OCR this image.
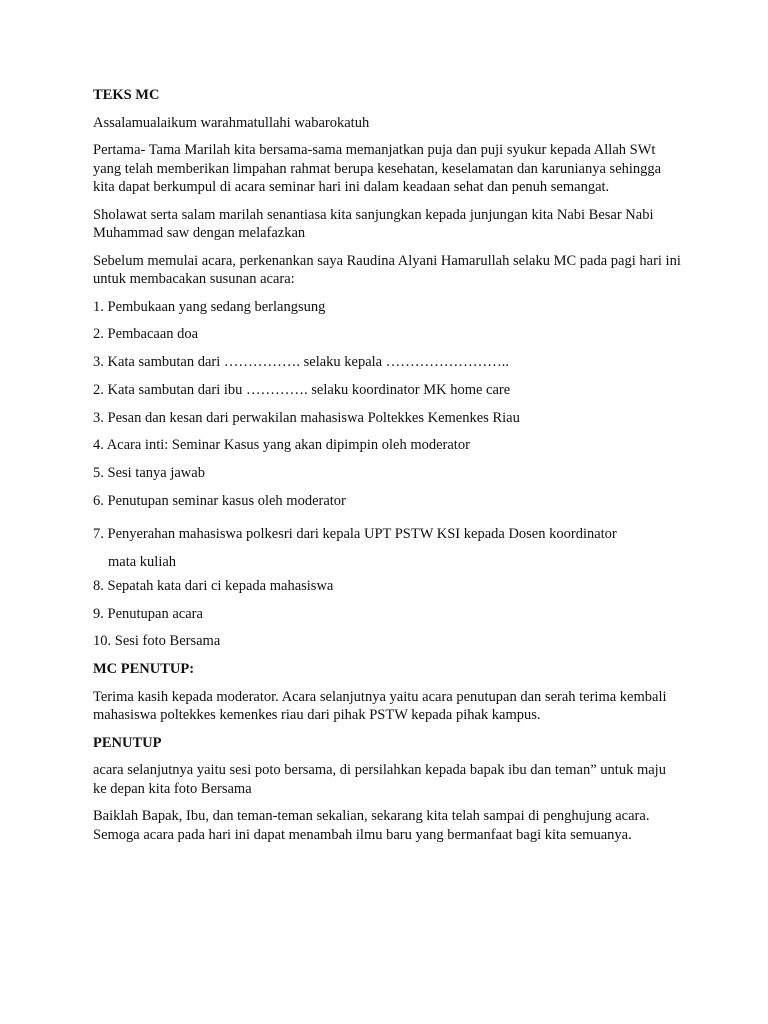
TEKS MC

Assalamualaikum warahmatullahi wabarokatuh

Pertama- Tama Marilah kita bersama-sama memanjatkan puja dan puji syukur kepada Allah SWt yang telah memberikan limpahan rahmat berupa kesehatan, keselamatan dan karunianya sehingga kita dapat berkumpul di acara seminar hari ini dalam keadaan sehat dan penuh semangat.

Sholawat serta salam marilah senantiasa kita sanjungkan kepada junjungan kita Nabi Besar Nabi Muhammad saw dengan melafazkan

Sebelum memulai acara, perkenankan saya Raudina Alyani Hamarullah selaku MC pada pagi hari ini untuk membacakan susunan acara:

1. Pembukaan yang sedang berlangsung
2. Pembacaan doa
3. Kata sambutan dari ……………. selaku kepala ……………………..
2. Kata sambutan dari ibu …………. selaku koordinator MK home care
3. Pesan dan kesan dari perwakilan mahasiswa Poltekkes Kemenkes Riau
4. Acara inti: Seminar Kasus yang akan dipimpin oleh moderator
5. Sesi tanya jawab
6. Penutupan seminar kasus oleh moderator
7. Penyerahan mahasiswa polkesri dari kepala UPT PSTW KSI kepada Dosen koordinator
mata kuliah
8. Sepatah kata dari ci kepada mahasiswa
9. Penutupan acara
10. Sesi foto Bersama

MC PENUTUP:

Terima kasih kepada moderator. Acara selanjutnya yaitu acara penutupan dan serah terima kembali mahasiswa poltekkes kemenkes riau dari pihak PSTW kepada pihak kampus.

PENUTUP

acara selanjutnya yaitu sesi poto bersama, di persilahkan kepada bapak ibu dan teman” untuk maju ke depan kita foto Bersama

Baiklah Bapak, Ibu, dan teman-teman sekalian, sekarang kita telah sampai di penghujung acara. Semoga acara pada hari ini dapat menambah ilmu baru yang bermanfaat bagi kita semuanya.
